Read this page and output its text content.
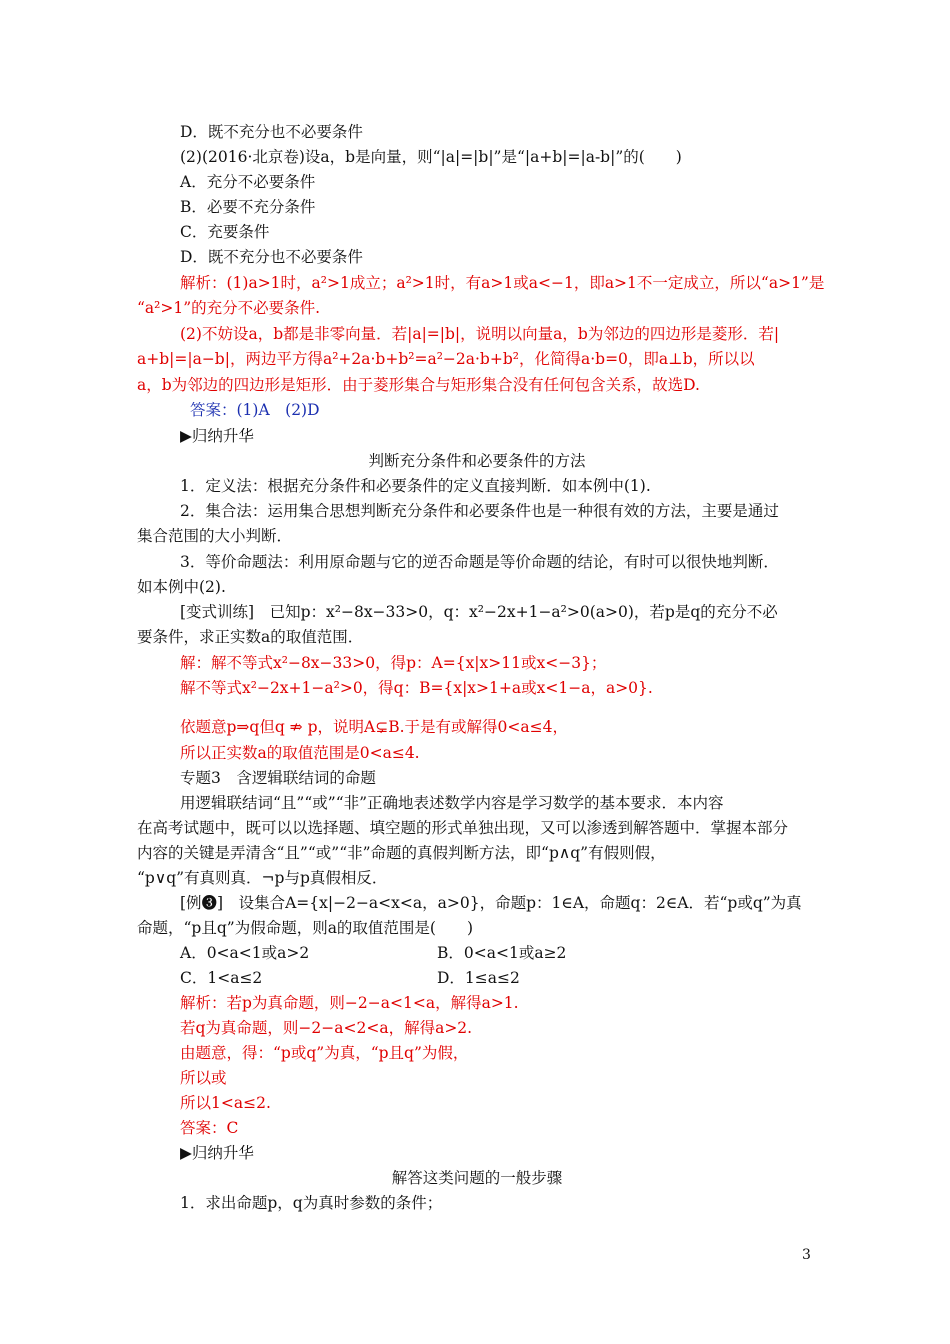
D．既不充分也不必要条件
(2)(2016·北京卷)设a，b是向量，则“|a|=|b|”是“|a+b|=|a-b|”的(　　)
A．充分不必要条件
B．必要不充分条件
C．充要条件
D．既不充分也不必要条件
解析：(1)a>1时，a²>1成立；a²>1时，有a>1或a<−1，即a>1不一定成立，所以“a>1”是
“a²>1”的充分不必要条件.
(2)不妨设a，b都是非零向量．若|a|=|b|，说明以向量a，b为邻边的四边形是菱形．若|
a+b|=|a−b|，两边平方得a²+2a·b+b²=a²−2a·b+b²，化简得a·b=0，即a⊥b，所以以
a，b为邻边的四边形是矩形．由于菱形集合与矩形集合没有任何包含关系，故选D.
答案：(1)A　(2)D
▶归纳升华
判断充分条件和必要条件的方法
1．定义法：根据充分条件和必要条件的定义直接判断．如本例中(1).
2．集合法：运用集合思想判断充分条件和必要条件也是一种很有效的方法，主要是通过
集合范围的大小判断．
3．等价命题法：利用原命题与它的逆否命题是等价命题的结论，有时可以很快地判断．
如本例中(2).
[变式训练]　已知p：x²−8x−33>0，q：x²−2x+1−a²>0(a>0)，若p是q的充分不必
要条件，求正实数a的取值范围．
解：解不等式x²−8x−33>0，得p：A={x|x>11或x<−3}；
解不等式x²−2x+1−a²>0，得q：B={x|x>1+a或x<1−a，a>0}.
依题意p⇒q但q ⇏ p，说明A⊊B.于是有或解得0<a≤4，
所以正实数a的取值范围是0<a≤4.
专题3　含逻辑联结词的命题
用逻辑联结词“且”“或”“非”正确地表述数学内容是学习数学的基本要求．本内容
在高考试题中，既可以以选择题、填空题的形式单独出现，又可以渗透到解答题中．掌握本部分
内容的关键是弄清含“且”“或”“非”命题的真假判断方法，即“p∧q”有假则假，
“p∨q”有真则真．¬p与p真假相反．
[例❸]　设集合A={x|−2−a<x<a，a>0}，命题p：1∈A，命题q：2∈A．若“p或q”为真
命题，“p且q”为假命题，则a的取值范围是(　　)
A．0<a<1或a>2	B．0<a<1或a≥2
C．1<a≤2	D．1≤a≤2
解析：若p为真命题，则−2−a<1<a，解得a>1.
若q为真命题，则−2−a<2<a，解得a>2.
由题意，得：“p或q”为真，“p且q”为假，
所以或
所以1<a≤2.
答案：C
▶归纳升华
解答这类问题的一般步骤
1．求出命题p，q为真时参数的条件；
3
